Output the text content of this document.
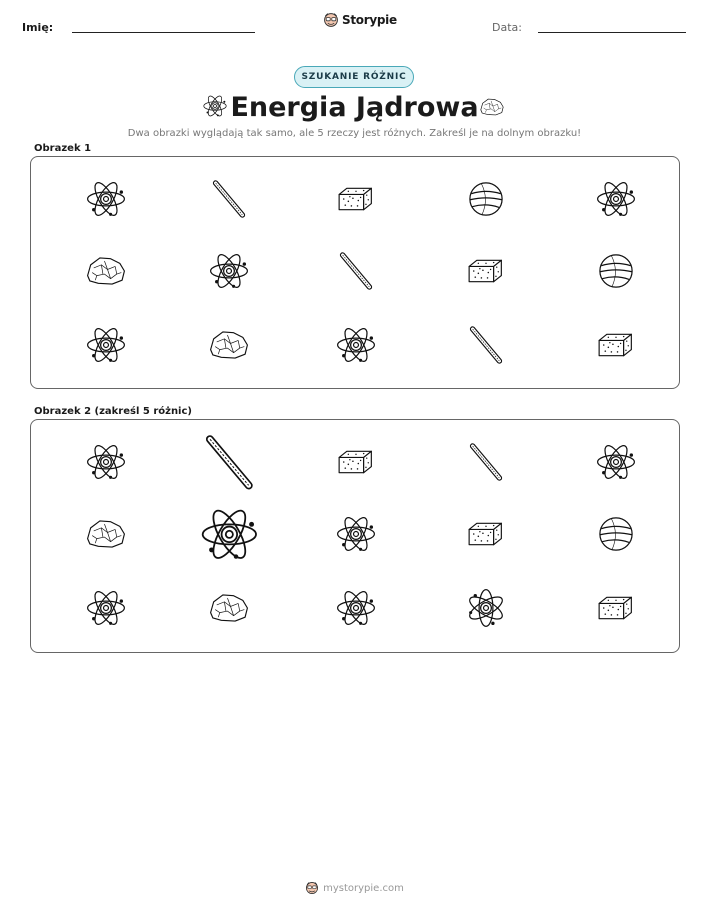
Imię:
Storypie
Data:
SZUKANIE RÓŻNIC
Energia Jądrowa
Dwa obrazki wyglądają tak samo, ale 5 rzeczy jest różnych. Zakreśl je na dolnym obrazku!
Obrazek 1
Obrazek 2 (zakreśl 5 różnic)
mystorypie.com
